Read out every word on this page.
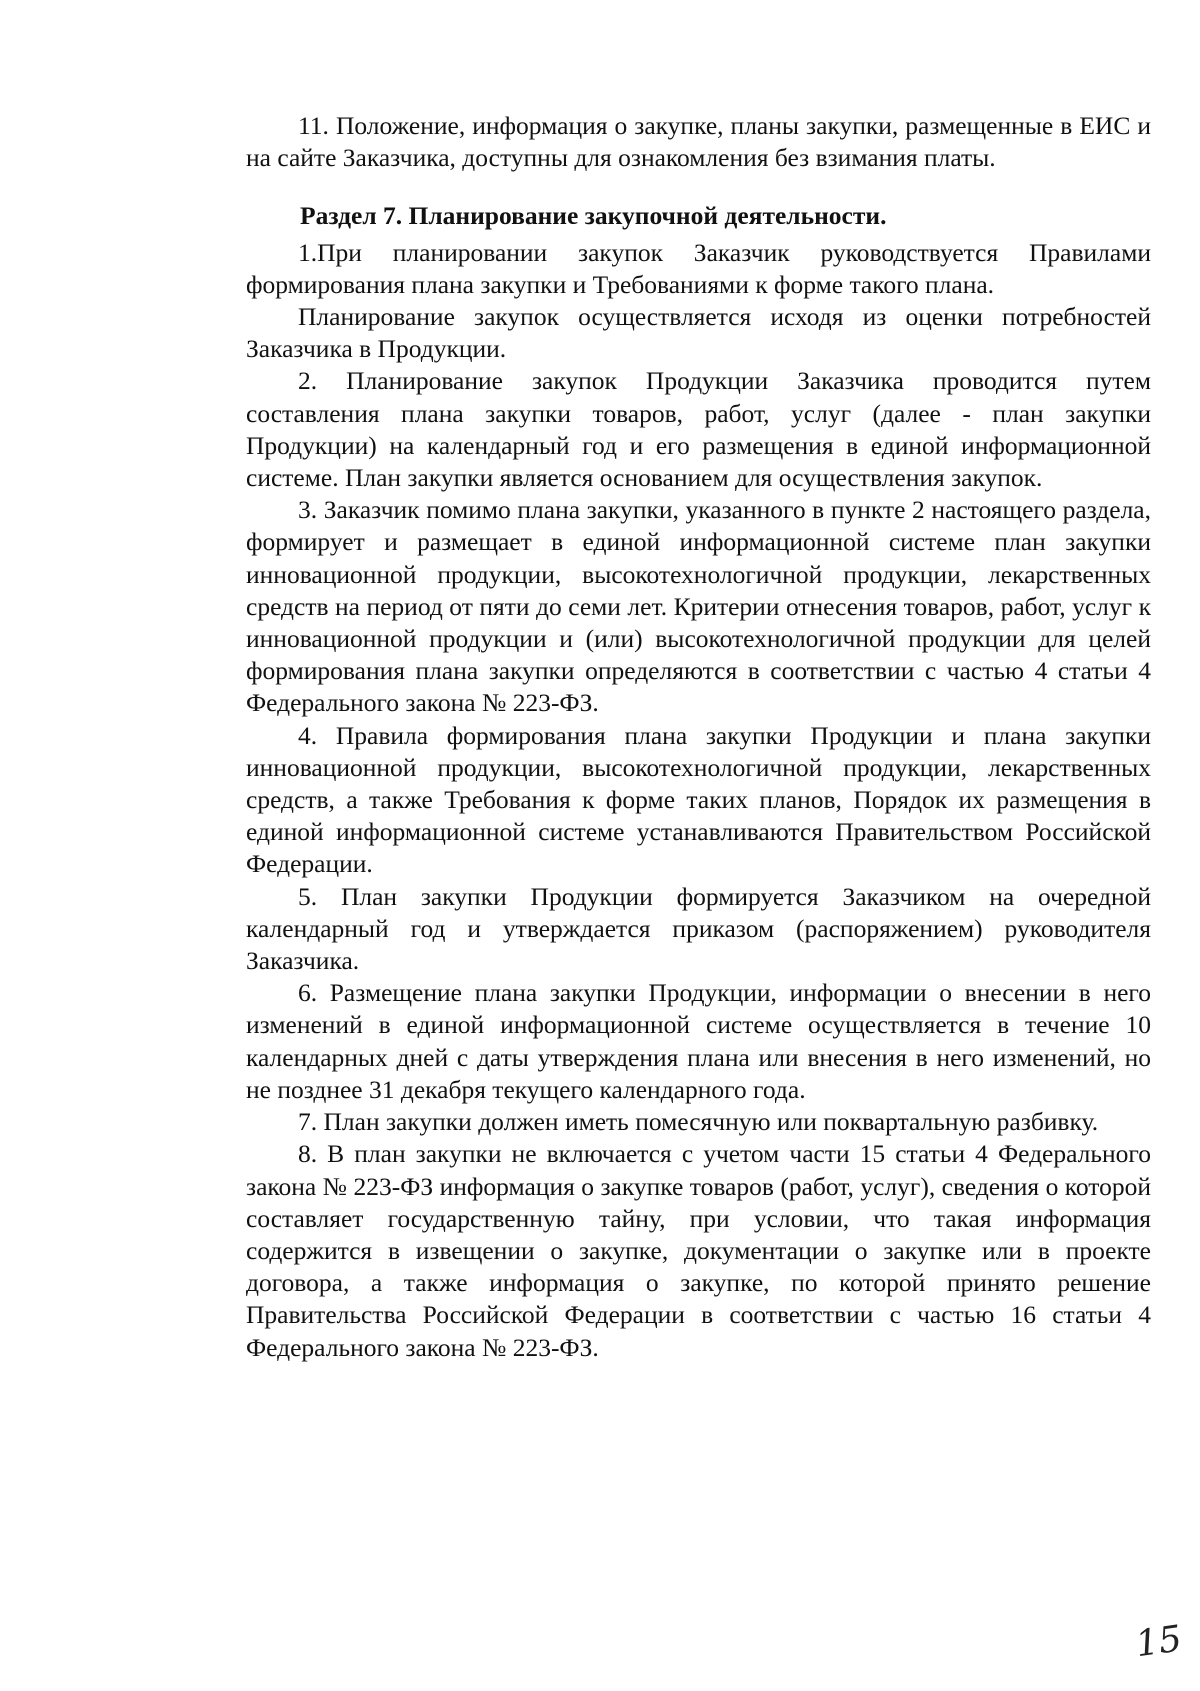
11. Положение, информация о закупке, планы закупки, размещенные в ЕИС и на сайте Заказчика, доступны для ознакомления без взимания платы.

Раздел 7. Планирование закупочной деятельности.

1.При планировании закупок Заказчик руководствуется Правилами формирования плана закупки и Требованиями к форме такого плана.

Планирование закупок осуществляется исходя из оценки потребностей Заказчика в Продукции.

2. Планирование закупок Продукции Заказчика проводится путем составления плана закупки товаров, работ, услуг (далее - план закупки Продукции) на календарный год и его размещения в единой информационной системе. План закупки является основанием для осуществления закупок.

3. Заказчик помимо плана закупки, указанного в пункте 2 настоящего раздела, формирует и размещает в единой информационной системе план закупки инновационной продукции, высокотехнологичной продукции, лекарственных средств на период от пяти до семи лет. Критерии отнесения товаров, работ, услуг к инновационной продукции и (или) высокотехнологичной продукции для целей формирования плана закупки определяются в соответствии с частью 4 статьи 4 Федерального закона № 223-ФЗ.

4. Правила формирования плана закупки Продукции и плана закупки инновационной продукции, высокотехнологичной продукции, лекарственных средств, а также Требования к форме таких планов, Порядок их размещения в единой информационной системе устанавливаются Правительством Российской Федерации.

5. План закупки Продукции формируется Заказчиком на очередной календарный год и утверждается приказом (распоряжением) руководителя Заказчика.

6. Размещение плана закупки Продукции, информации о внесении в него изменений в единой информационной системе осуществляется в течение 10 календарных дней с даты утверждения плана или внесения в него изменений, но не позднее 31 декабря текущего календарного года.

7. План закупки должен иметь помесячную или поквартальную разбивку.

8. В план закупки не включается с учетом части 15 статьи 4 Федерального закона № 223-ФЗ информация о закупке товаров (работ, услуг), сведения о которой составляет государственную тайну, при условии, что такая информация содержится в извещении о закупке, документации о закупке или в проекте договора, а также информация о закупке, по которой принято решение Правительства Российской Федерации в соответствии с частью 16 статьи 4 Федерального закона № 223-ФЗ.

15
